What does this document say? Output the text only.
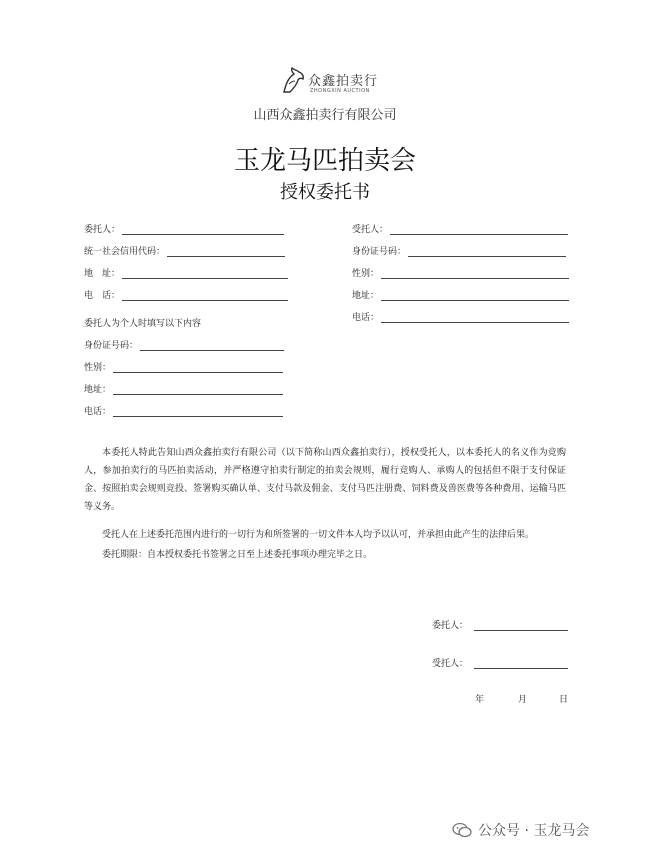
众鑫拍卖行
ZHONGXIN AUCTION
山西众鑫拍卖行有限公司
玉龙马匹拍卖会
授权委托书
委托人：
统一社会信用代码：
地　址：
电　话：
委托人为个人时填写以下内容
身份证号码：
性别：
地址：
电话：
受托人：
身份证号码：
性别：
地址：
电话：
本委托人特此告知山西众鑫拍卖行有限公司（以下简称山西众鑫拍卖行），授权受托人，以本委托人的名义作为竞购人，参加拍卖行的马匹拍卖活动，并严格遵守拍卖行制定的拍卖会规则，履行竞购人、承购人的包括但不限于支付保证金、按照拍卖会规则竞投、签署购买确认单、支付马款及佣金、支付马匹注册费、饲料费及兽医费等各种费用、运输马匹等义务。
受托人在上述委托范围内进行的一切行为和所签署的一切文件本人均予以认可，并承担由此产生的法律后果。
委托期限：自本授权委托书签署之日至上述委托事项办理完毕之日。
委托人：
受托人：
年	月	日
公众号 · 玉龙马会
